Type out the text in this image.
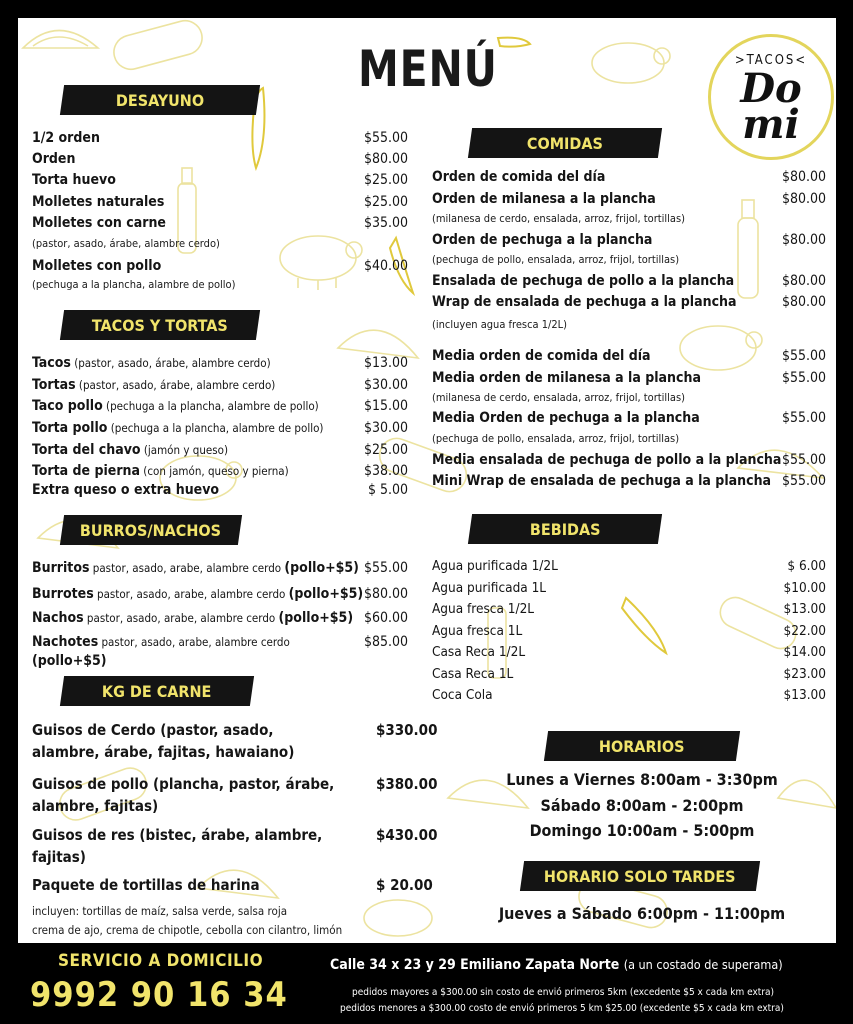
MENÚ	>TACOS<
Do
mi
DESAYUNO
1/2 orden	$55.00
Orden	$80.00
Torta huevo	$25.00
Molletes naturales	$25.00
Molletes con carne	$35.00
(pastor, asado, árabe, alambre cerdo)
Molletes con pollo	$40.00
(pechuga a la plancha, alambre de pollo)
TACOS Y TORTAS
Tacos (pastor, asado, árabe, alambre cerdo)	$13.00
Tortas (pastor, asado, árabe, alambre cerdo)	$30.00
Taco pollo (pechuga a la plancha, alambre de pollo)	$15.00
Torta pollo (pechuga a la plancha, alambre de pollo)	$30.00
Torta del chavo (jamón y queso)	$25.00
Torta de pierna (con jamón, queso y pierna)	$38.00
Extra queso o extra huevo	$ 5.00
BURROS/NACHOS
Burritos pastor, asado, arabe, alambre cerdo (pollo+$5) $55.00
Burrotes pastor, asado, arabe, alambre cerdo (pollo+$5) $80.00
Nachos pastor, asado, arabe, alambre cerdo (pollo+$5) $60.00
Nachotes pastor, asado, arabe, alambre cerdo (pollo+$5)
$85.00
KG DE CARNE
Guisos de Cerdo (pastor, asado,
alambre, árabe, fajitas, hawaiano)
$330.00
Guisos de pollo (plancha, pastor, árabe,
alambre, fajitas)
$380.00
Guisos de res (bistec, árabe, alambre,
fajitas)
$430.00
Paquete de tortillas de harina	$ 20.00
incluyen: tortillas de maíz, salsa verde, salsa roja
crema de ajo, crema de chipotle, cebolla con cilantro, limón
COMIDAS
Orden de comida del día	$80.00
Orden de milanesa a la plancha	$80.00
(milanesa de cerdo, ensalada, arroz, frijol, tortillas)
Orden de pechuga a la plancha	$80.00
(pechuga de pollo, ensalada, arroz, frijol, tortillas)
Ensalada de pechuga de pollo a la plancha	$80.00
Wrap de ensalada de pechuga a la plancha	$80.00
(incluyen agua fresca 1/2L)
Media orden de comida del día	$55.00
Media orden de milanesa a la plancha	$55.00
(milanesa de cerdo, ensalada, arroz, frijol, tortillas)
Media Orden de pechuga a la plancha	$55.00
(pechuga de pollo, ensalada, arroz, frijol, tortillas)
Media ensalada de pechuga de pollo a la plancha $55.00
Mini Wrap de ensalada de pechuga a la plancha $55.00
BEBIDAS
Agua purificada 1/2L	$ 6.00
Agua purificada 1L	$10.00
Agua fresca 1/2L	$13.00
Agua fresca 1L	$22.00
Casa Reca 1/2L	$14.00
Casa Reca 1L	$23.00
Coca Cola	$13.00
HORARIOS
Lunes a Viernes 8:00am - 3:30pm
Sábado 8:00am - 2:00pm
Domingo 10:00am - 5:00pm
HORARIO SOLO TARDES
Jueves a Sábado 6:00pm - 11:00pm
SERVICIO A DOMICILIO
9992 90 16 34
Calle 34 x 23 y 29 Emiliano Zapata Norte (a un costado de superama)
pedidos mayores a $300.00 sin costo de envió primeros 5km (excedente $5 x cada km extra)
pedidos menores a $300.00 costo de envió primeros 5 km $25.00 (excedente $5 x cada km extra)
